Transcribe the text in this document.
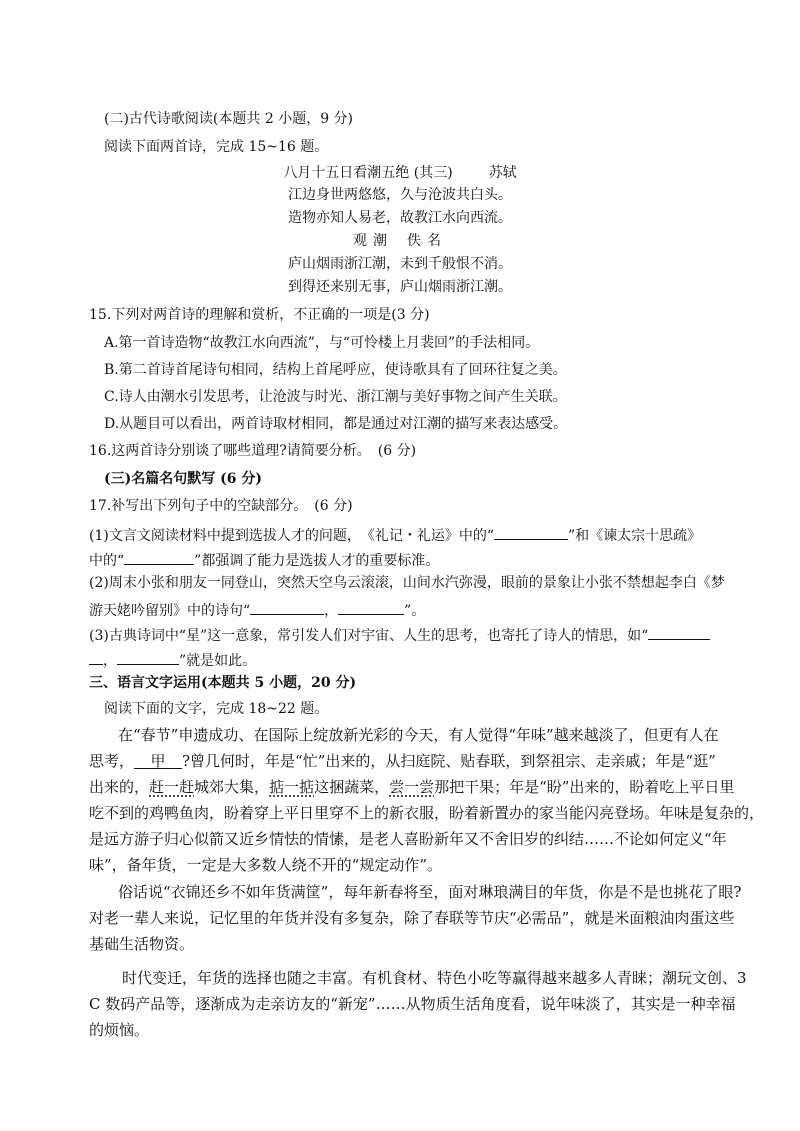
(二)古代诗歌阅读(本题共 2 小题，9 分)
阅读下面两首诗，完成 15~16 题。
八月十五日看潮五绝 (其三)	苏轼
江边身世两悠悠，久与沧波共白头。
造物亦知人易老，故教江水向西流。
观潮 佚名
庐山烟雨浙江潮，未到千般恨不消。
到得还来别无事，庐山烟雨浙江潮。
15.下列对两首诗的理解和赏析，不正确的一项是(3 分)
A.第一首诗造物“故教江水向西流”，与“可怜楼上月裴回”的手法相同。
B.第二首诗首尾诗句相同，结构上首尾呼应，使诗歌具有了回环往复之美。
C.诗人由潮水引发思考，让沧波与时光、浙江潮与美好事物之间产生关联。
D.从题目可以看出，两首诗取材相同，都是通过对江潮的描写来表达感受。
16.这两首诗分别谈了哪些道理?请简要分析。　(6 分)
(三)名篇名句默写 (6 分)
17.补写出下列句子中的空缺部分。　(6 分)
(1)文言文阅读材料中提到选拔人才的问题，　《礼记・礼运》中的“	”和《谏太宗十思疏》
中的“	”都强调了能力是选拔人才的重要标准。
(2)周末小张和朋友一同登山，突然天空乌云滚滚，山间水汽弥漫，眼前的景象让小张不禁想起李白《梦
游天姥吟留别》中的诗句“	，	”。
(3)古典诗词中“星”这一意象，常引发人们对宇宙、人生的思考，也寄托了诗人的情思，如“
，	”就是如此。
三、语言文字运用(本题共 5 小题，20 分)
阅读下面的文字，完成 18~22 题。
在“春节”申遗成功、在国际上绽放新光彩的今天，有人觉得“年味”越来越淡了，但更有人在
思考， 甲 ?曾几何时，年是“忙”出来的，从扫庭院、贴春联，到祭祖宗、走亲戚；年是“逛”
出来的，赶一赶城郊大集，掂一掂这捆蔬菜，尝一尝那把干果；年是“盼”出来的，盼着吃上平日里
吃不到的鸡鸭鱼肉，盼着穿上平日里穿不上的新衣服，盼着新置办的家当能闪亮登场。年味是复杂的，
是远方游子归心似箭又近乡情怯的情愫，是老人喜盼新年又不舍旧岁的纠结……不论如何定义“年
味”，备年货，一定是大多数人绕不开的“规定动作”。
俗话说“衣锦还乡不如年货满筐”，每年新春将至，面对琳琅满目的年货，你是不是也挑花了眼?
对老一辈人来说，记忆里的年货并没有多复杂，除了春联等节庆“必需品”，就是米面粮油肉蛋这些
基础生活物资。
时代变迁，年货的选择也随之丰富。有机食材、特色小吃等赢得越来越多人青睐；潮玩文创、3
C 数码产品等，逐渐成为走亲访友的“新宠”……从物质生活角度看，说年味淡了，其实是一种幸福
的烦恼。
